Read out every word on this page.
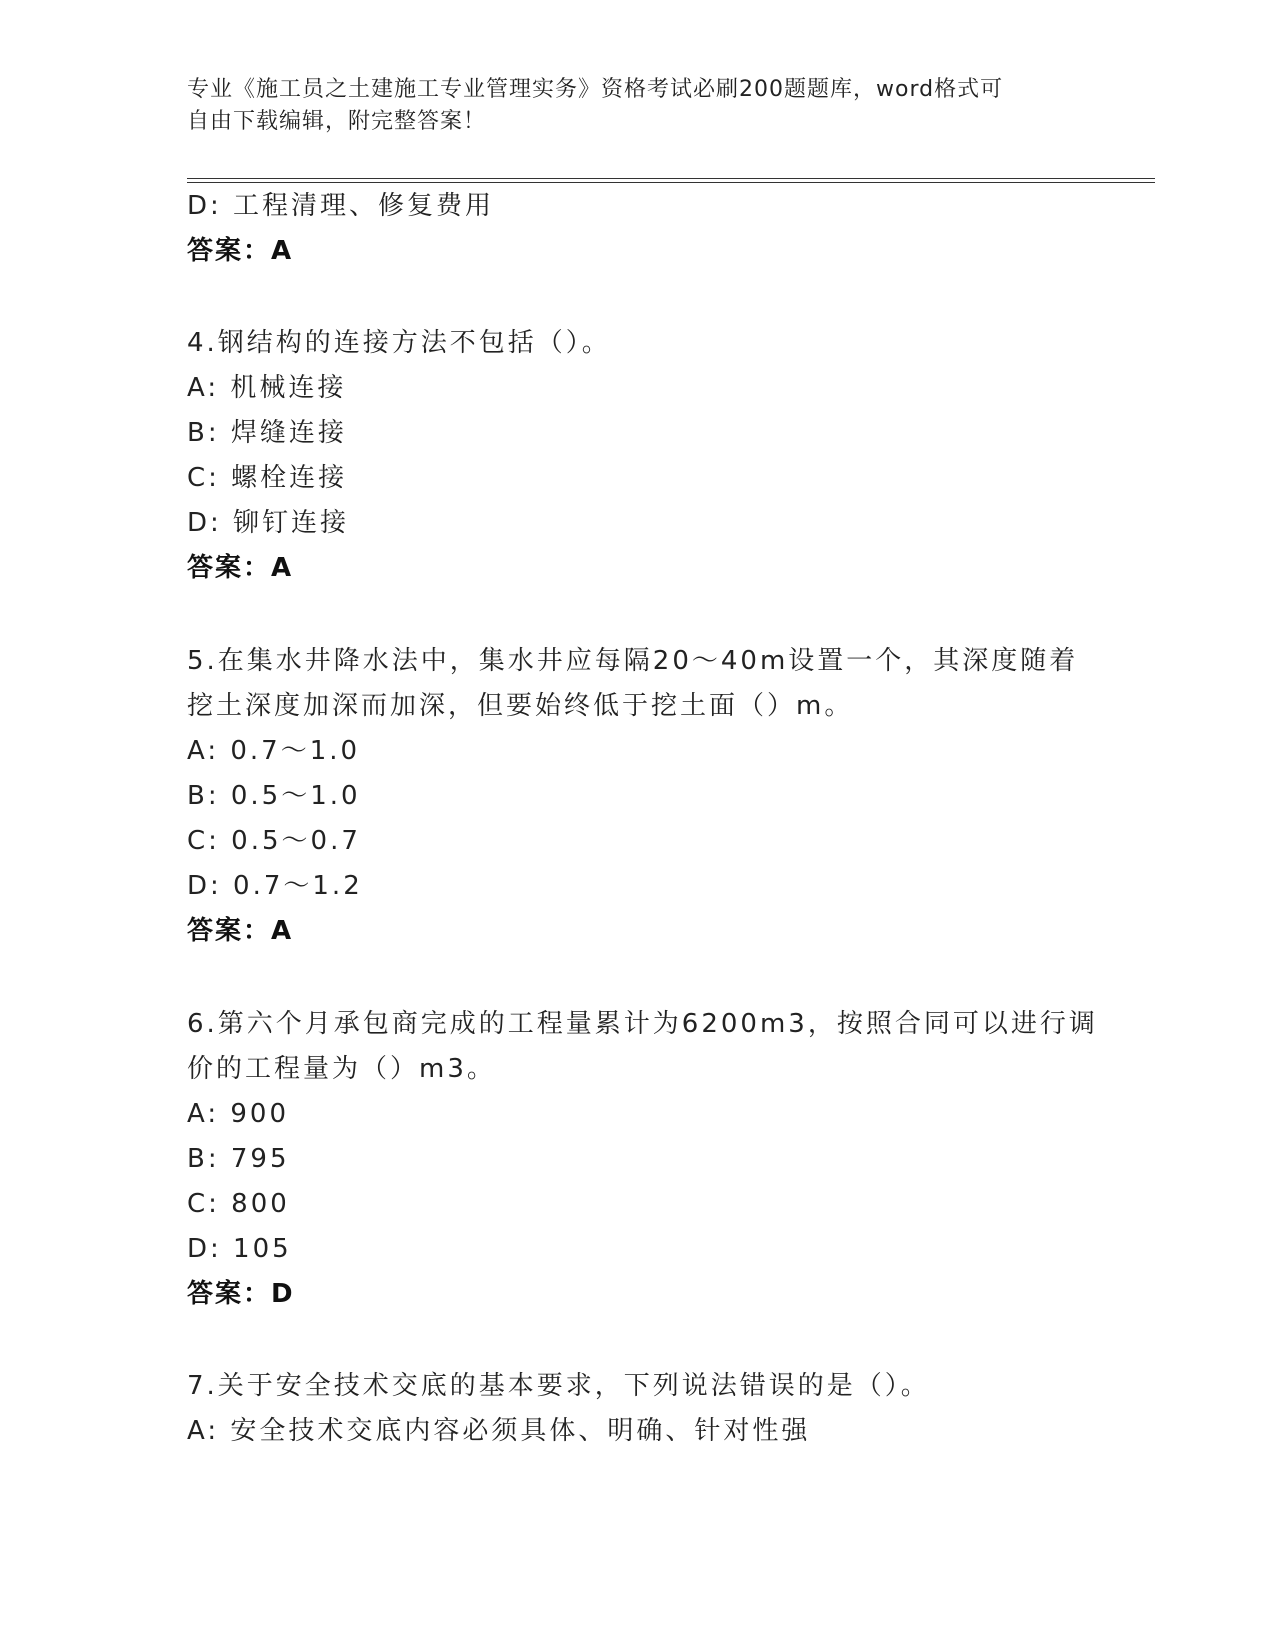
专业《施工员之土建施工专业管理实务》资格考试必刷200题题库，word格式可
自由下载编辑，附完整答案！
D: 工程清理、修复费用
答案：A
4.钢结构的连接方法不包括（）。
A: 机械连接
B: 焊缝连接
C: 螺栓连接
D: 铆钉连接
答案：A
5.在集水井降水法中，集水井应每隔20～40m设置一个，其深度随着
挖土深度加深而加深，但要始终低于挖土面（）m。
A: 0.7～1.0
B: 0.5～1.0
C: 0.5～0.7
D: 0.7～1.2
答案：A
6.第六个月承包商完成的工程量累计为6200m3，按照合同可以进行调
价的工程量为（）m3。
A: 900
B: 795
C: 800
D: 105
答案：D
7.关于安全技术交底的基本要求，下列说法错误的是（）。
A: 安全技术交底内容必须具体、明确、针对性强
